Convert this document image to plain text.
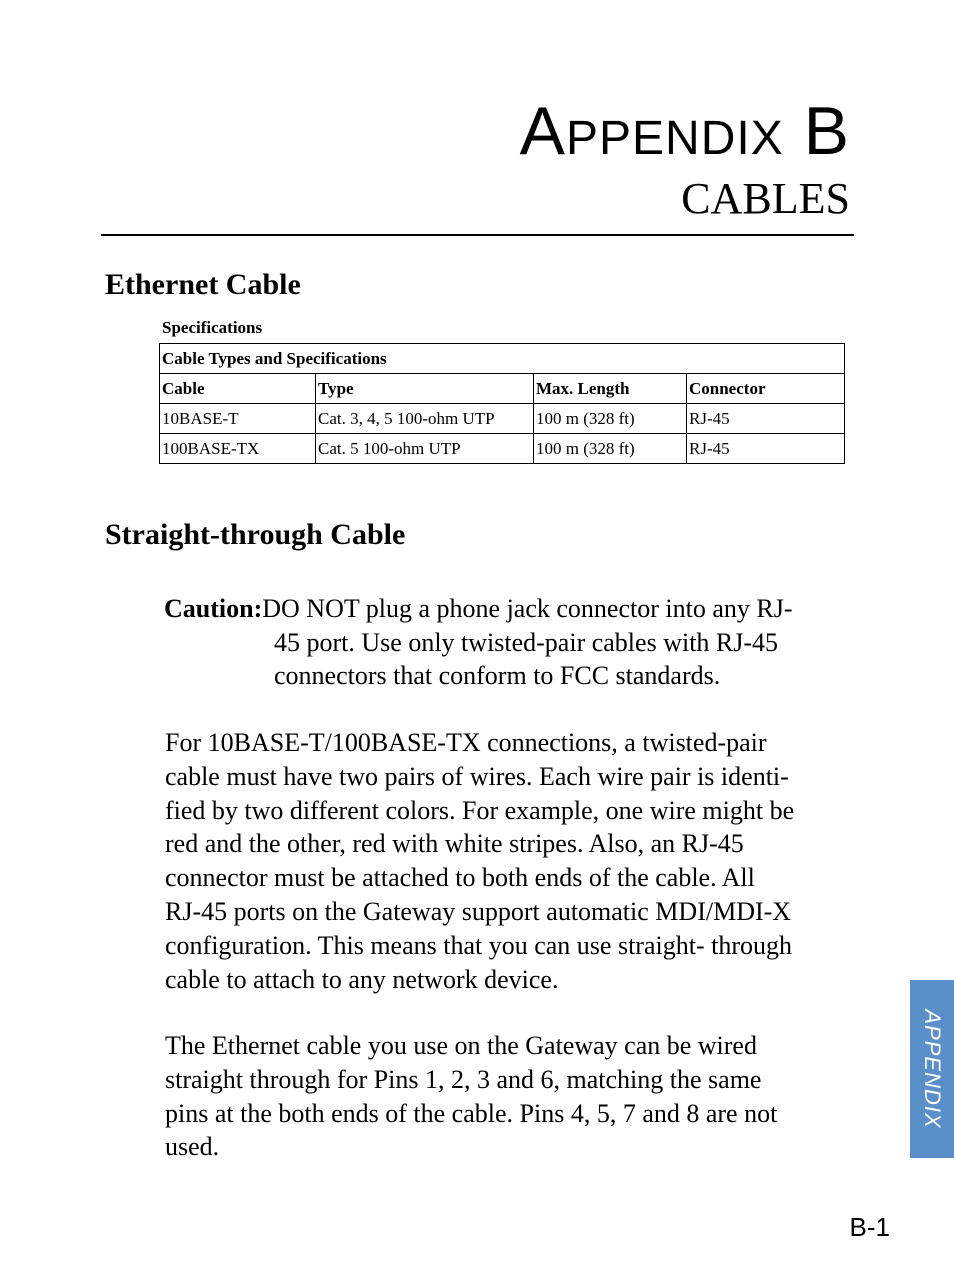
Appendix B
CABLES
Ethernet Cable
Specifications
Cable Types and Specifications			
Cable	Type	Max. Length	Connector
10BASE-T	Cat. 3, 4, 5 100-ohm UTP	100 m (328 ft)	RJ-45
100BASE-TX	Cat. 5 100-ohm UTP	100 m (328 ft)	RJ-45
Straight-through Cable
Caution:DO NOT plug a phone jack connector into any RJ-
45 port. Use only twisted-pair cables with RJ-45
connectors that conform to FCC standards.
For 10BASE-T/100BASE-TX connections, a twisted-pair
cable must have two pairs of wires. Each wire pair is identi-
fied by two different colors. For example, one wire might be
red and the other, red with white stripes. Also, an RJ-45
connector must be attached to both ends of the cable. All
RJ-45 ports on the Gateway support automatic MDI/MDI-X
configuration. This means that you can use straight- through
cable to attach to any network device.
The Ethernet cable you use on the Gateway can be wired
straight through for Pins 1, 2, 3 and 6, matching the same
pins at the both ends of the cable. Pins 4, 5, 7 and 8 are not
used.
APPENDIX
B-1
